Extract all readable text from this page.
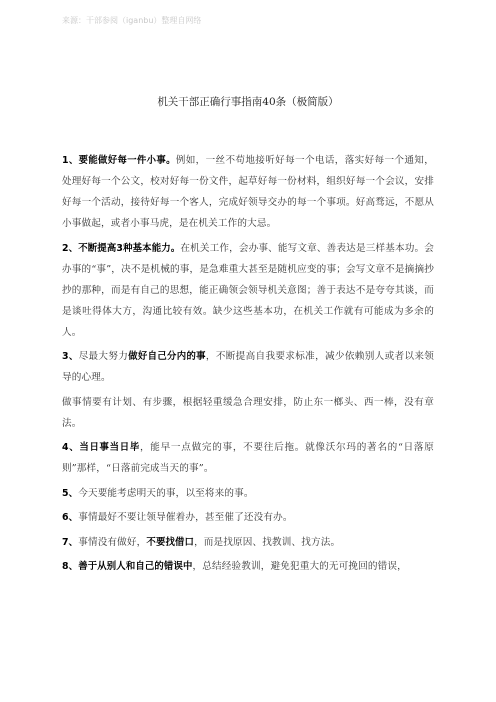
来源：干部参阅（iganbu）整理自网络
机关干部正确行事指南40条（极简版）

1、要能做好每一件小事。例如，一丝不苟地接听好每一个电话，落实好每一个通知，处理好每一个公文，校对好每一份文件，起草好每一份材料，组织好每一个会议，安排好每一个活动，接待好每一个客人，完成好领导交办的每一个事项。好高骛远，不愿从小事做起，或者小事马虎，是在机关工作的大忌。

2、不断提高3种基本能力。在机关工作，会办事、能写文章、善表达是三样基本功。会办事的“事”，决不是机械的事，是急难重大甚至是随机应变的事；会写文章不是摘摘抄抄的那种，而是有自己的思想，能正确领会领导机关意图；善于表达不是夸夸其谈，而是谈吐得体大方，沟通比较有效。缺少这些基本功，在机关工作就有可能成为多余的人。

3、尽最大努力做好自己分内的事，不断提高自我要求标准，减少依赖别人或者以来领导的心理。

做事情要有计划、有步骤，根据轻重缓急合理安排，防止东一榔头、西一棒，没有章法。

4、当日事当日毕，能早一点做完的事，不要往后拖。就像沃尔玛的著名的“日落原则”那样，“日落前完成当天的事”。

5、今天要能考虑明天的事，以至将来的事。

6、事情最好不要让领导催着办，甚至催了还没有办。

7、事情没有做好，不要找借口，而是找原因、找教训、找方法。

8、善于从别人和自己的错误中，总结经验教训，避免犯重大的无可挽回的错误，
